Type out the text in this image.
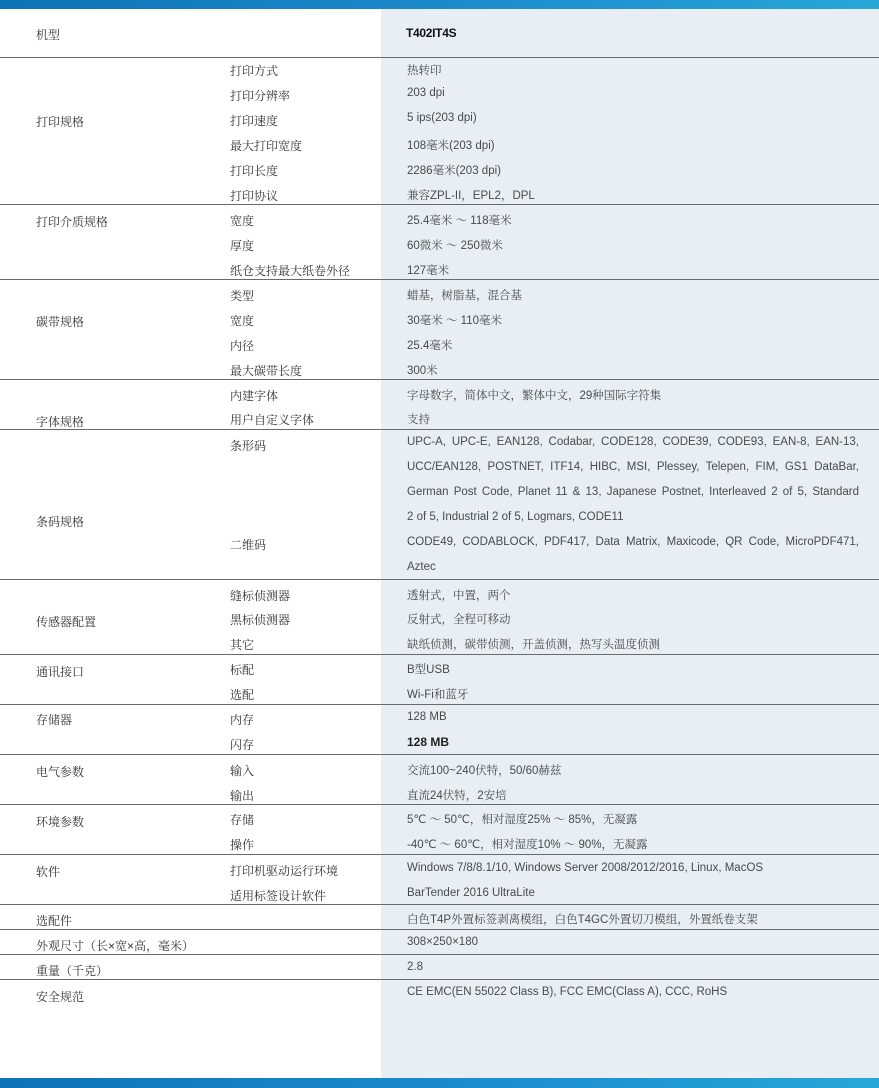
机型	T402IT4S
打印规格
打印方式	热转印
打印分辨率	203 dpi
打印速度	5 ips(203 dpi)
最大打印宽度	108毫米(203 dpi)
打印长度	2286毫米(203 dpi)
打印协议	兼容ZPL-II，EPL2，DPL
打印介质规格	宽度	25.4毫米 ～ 118毫米
厚度	60微米 ～ 250微米
纸仓支持最大纸卷外径	127毫米
碳带规格
类型	蜡基，树脂基，混合基
宽度	30毫米 ～ 110毫米
内径	25.4毫米
最大碳带长度	300米
字体规格
内建字体	字母数字，简体中文，繁体中文，29种国际字符集
用户自定义字体	支持
条码规格
条形码	UPC-A, UPC-E, EAN128, Codabar, CODE128, CODE39, CODE93, EAN-8, EAN-13,
UCC/EAN128, POSTNET, ITF14, HIBC, MSI, Plessey, Telepen, FIM, GS1 DataBar,
German Post Code, Planet 11 & 13, Japanese Postnet, Interleaved 2 of 5, Standard
2 of 5, Industrial 2 of 5, Logmars, CODE11
二维码	CODE49, CODABLOCK, PDF417, Data Matrix, Maxicode, QR Code, MicroPDF471,
Aztec
传感器配置
缝标侦测器	透射式，中置，两个
黑标侦测器	反射式，全程可移动
其它	缺纸侦测，碳带侦测，开盖侦测，热写头温度侦测
通讯接口	标配	B型USB
选配	Wi-Fi和蓝牙
存储器	内存	128 MB
闪存	128 MB
电气参数	输入	交流100~240伏特，50/60赫兹
输出	直流24伏特，2安培
环境参数	存储	5℃ ～ 50℃，相对湿度25% ～ 85%，无凝露
操作	-40℃ ～ 60℃，相对湿度10% ～ 90%，无凝露
软件	打印机驱动运行环境	Windows 7/8/8.1/10, Windows Server 2008/2012/2016, Linux, MacOS
适用标签设计软件	BarTender 2016 UltraLite
选配件	白色T4P外置标签剥离模组，白色T4GC外置切刀模组，外置纸卷支架
外观尺寸（长×宽×高，毫米）	308×250×180
重量（千克）	2.8
安全规范	CE EMC(EN 55022 Class B), FCC EMC(Class A), CCC, RoHS
